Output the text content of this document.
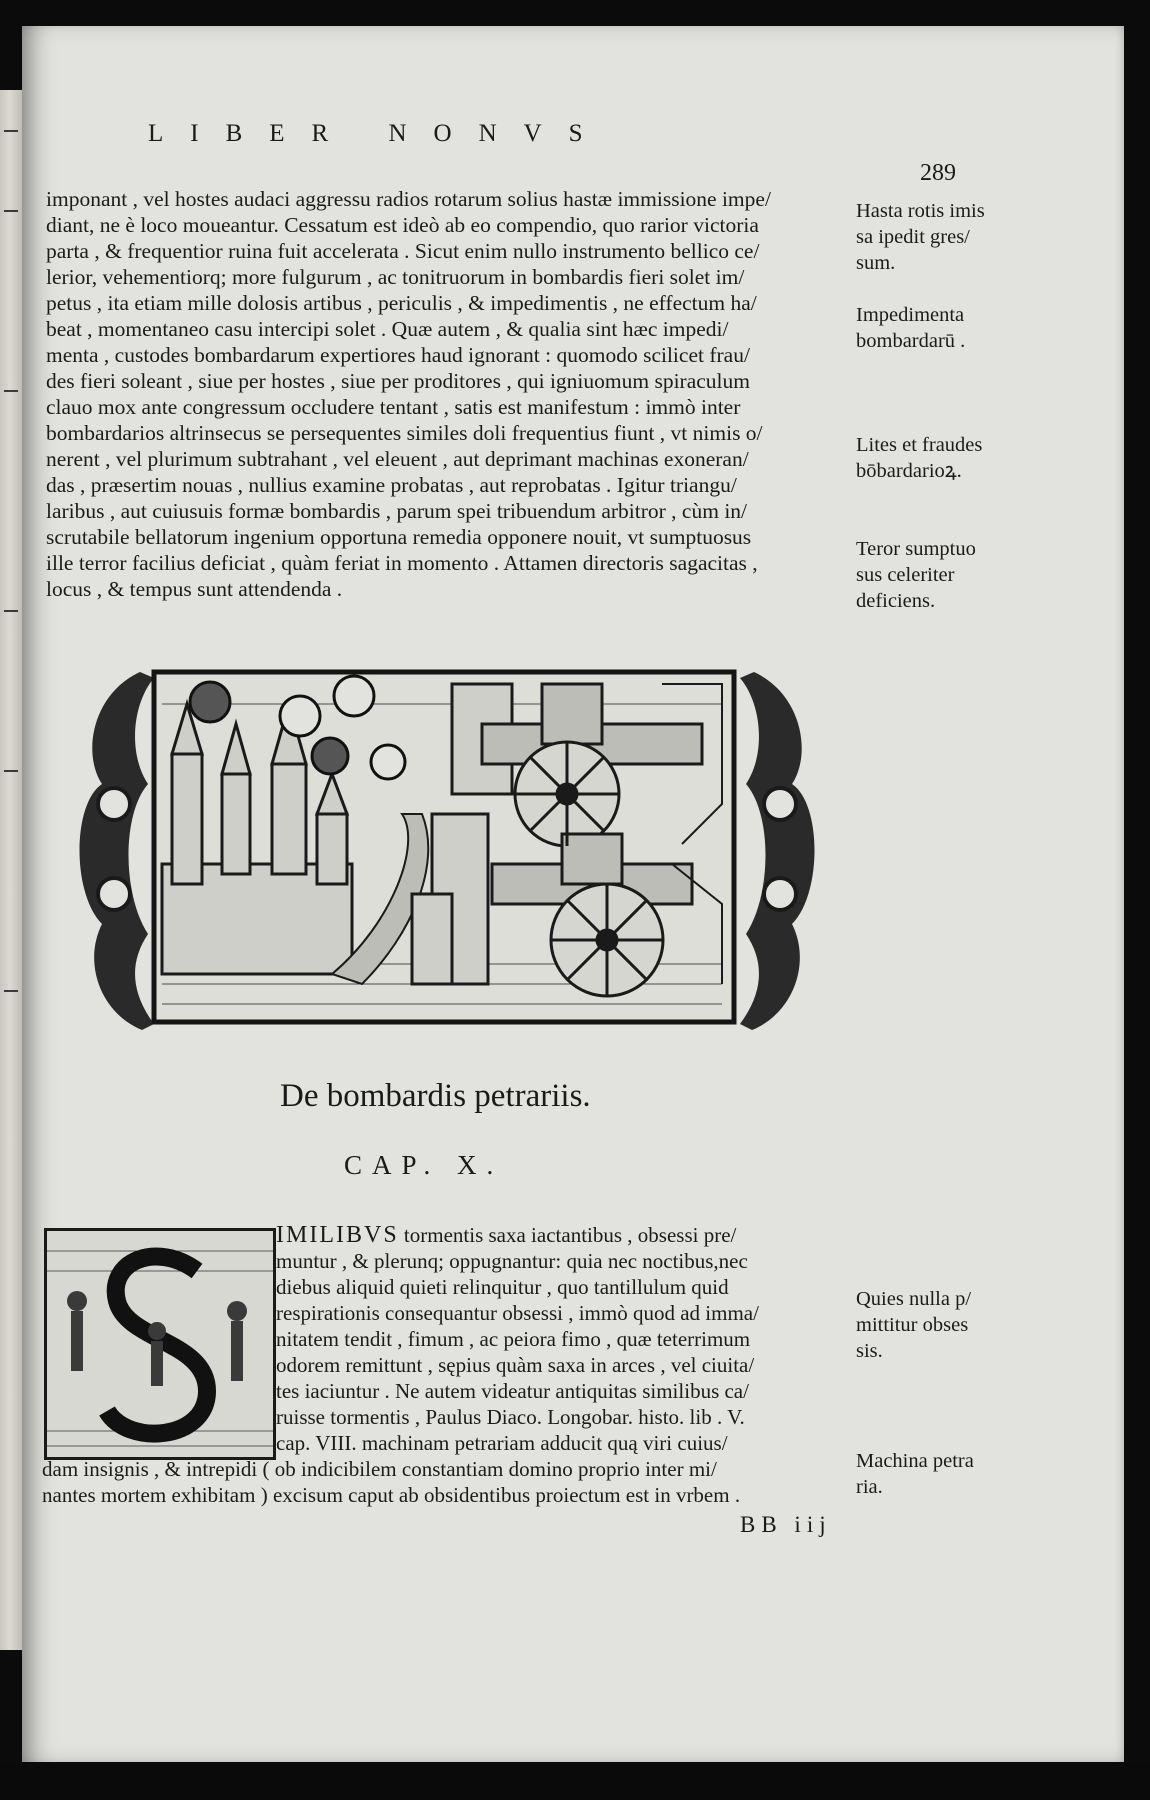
LIBER NONVS
289
imponant , vel hostes audaci aggressu radios rotarum solius hastæ immissione impe/
diant, ne è loco moueantur. Cessatum est ideò ab eo compendio, quo rarior victoria
parta , & frequentior ruina fuit accelerata . Sicut enim nullo instrumento bellico ce/
lerior, vehementiorq; more fulgurum , ac tonitruorum in bombardis fieri solet im/
petus , ita etiam mille dolosis artibus , periculis , & impedimentis , ne effectum ha/
beat , momentaneo casu intercipi solet . Quæ autem , & qualia sint hæc impedi/
menta , custodes bombardarum expertiores haud ignorant : quomodo scilicet frau/
des fieri soleant , siue per hostes , siue per proditores , qui igniuomum spiraculum
clauo mox ante congressum occludere tentant , satis est manifestum : immò inter
bombardarios altrinsecus se persequentes similes doli frequentius fiunt , vt nimis o/
nerent , vel plurimum subtrahant , vel eleuent , aut deprimant machinas exoneran/
das , præsertim nouas , nullius examine probatas , aut reprobatas . Igitur triangu/
laribus , aut cuiusuis formæ bombardis , parum spei tribuendum arbitror , cùm in/
scrutabile bellatorum ingenium opportuna remedia opponere nouit, vt sumptuosus
ille terror facilius deficiat , quàm feriat in momento . Attamen directoris sagacitas ,
locus , & tempus sunt attendenda .
Hasta rotis imis
sa ipedit gres/
sum.
Impedimenta
bombardarū .
Lites et fraudes
bōbardarioꝝ.
Teror sumptuo
sus celeriter
deficiens.
De bombardis petrariis.
CAP. X.
IMILIBVS tormentis saxa iactantibus , obsessi pre/
muntur , & plerunq; oppugnantur: quia nec noctibus,nec
diebus aliquid quieti relinquitur , quo tantillulum quid
respirationis consequantur obsessi , immò quod ad imma/
nitatem tendit , fimum , ac peiora fimo , quæ teterrimum
odorem remittunt , sępius quàm saxa in arces , vel ciuita/
tes iaciuntur . Ne autem videatur antiquitas similibus ca/
ruisse tormentis , Paulus Diaco. Longobar. histo. lib . V.
cap. VIII. machinam petrariam adducit quą viri cuius/
dam insignis , & intrepidi ( ob indicibilem constantiam domino proprio inter mi/
nantes mortem exhibitam ) excisum caput ab obsidentibus proiectum est in vrbem .
Quies nulla p/
mittitur obses
sis.
Machina petra
ria.
BB iij
